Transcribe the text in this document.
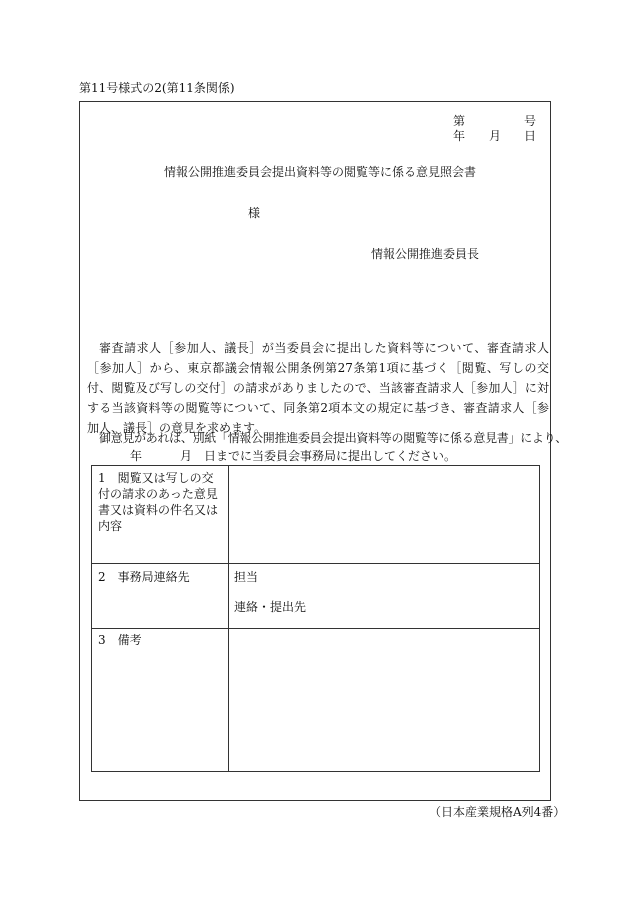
第11号様式の2(第11条関係)
第	号
年 月 日
情報公開推進委員会提出資料等の閲覧等に係る意見照会書
様
情報公開推進委員長
審査請求人［参加人、議長］が当委員会に提出した資料等について、審査請求人［参加人］から、東京都議会情報公開条例第27条第1項に基づく［閲覧、写しの交付、閲覧及び写しの交付］の請求がありましたので、当該審査請求人［参加人］に対する当該資料等の閲覧等について、同条第2項本文の規定に基づき、審査請求人［参加人、議長］の意見を求めます。
御意見があれば、別紙「情報公開推進委員会提出資料等の閲覧等に係る意見書」により、
年	月 日までに当委員会事務局に提出してください。
1　閲覧又は写しの交付の請求のあった意見書又は資料の件名又は内容
2　事務局連絡先	担当
連絡・提出先
3　備考
（日本産業規格A列4番）
